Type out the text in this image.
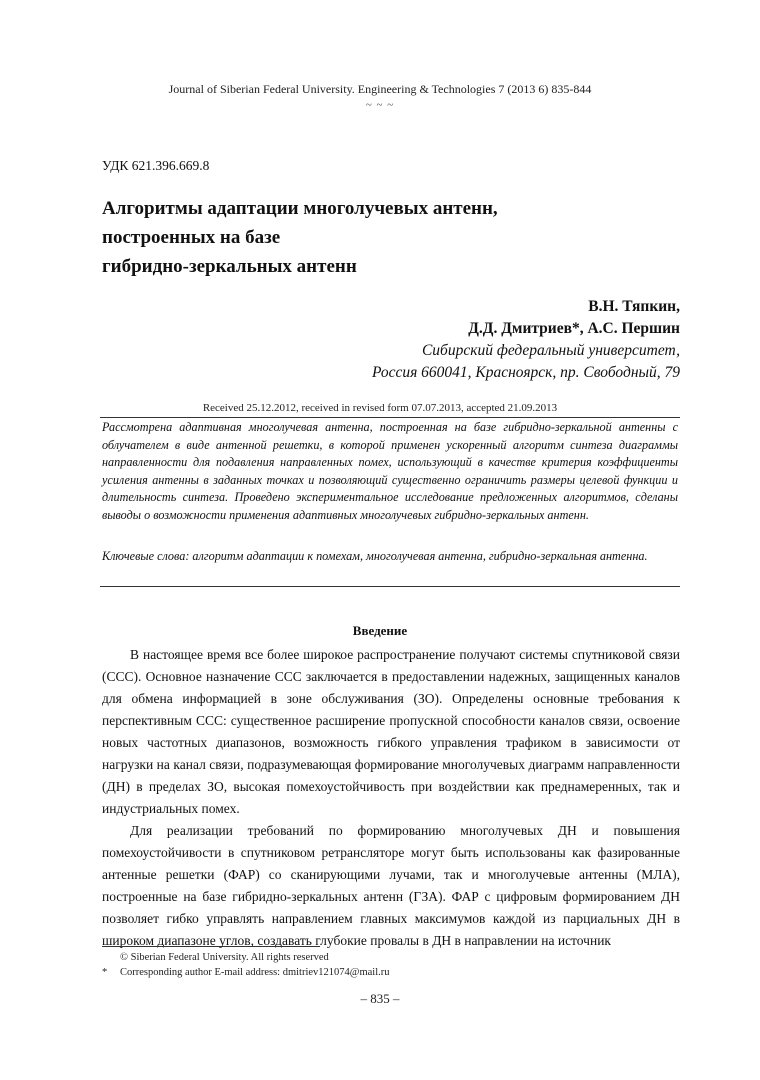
Journal of Siberian Federal University. Engineering & Technologies 7 (2013 6) 835-844
~ ~ ~
УДК 621.396.669.8
Алгоритмы адаптации многолучевых антенн,
построенных на базе
гибридно-зеркальных антенн
В.Н. Тяпкин,
Д.Д. Дмитриев*, А.С. Першин
Сибирский федеральный университет,
Россия 660041, Красноярск, пр. Свободный, 79
Received 25.12.2012, received in revised form 07.07.2013, accepted 21.09.2013
Рассмотрена адаптивная многолучевая антенна, построенная на базе гибридно-зеркальной антенны с облучателем в виде антенной решетки, в которой применен ускоренный алгоритм синтеза диаграммы направленности для подавления направленных помех, использующий в качестве критерия коэффициенты усиления антенны в заданных точках и позволяющий существенно ограничить размеры целевой функции и длительность синтеза. Проведено экспериментальное исследование предложенных алгоритмов, сделаны выводы о возможности применения адаптивных многолучевых гибридно-зеркальных антенн.
Ключевые слова: алгоритм адаптации к помехам, многолучевая антенна, гибридно-зеркальная антенна.
Введение

В настоящее время все более широкое распространение получают системы спутниковой связи (ССС). Основное назначение ССС заключается в предоставлении надежных, защищенных каналов для обмена информацией в зоне обслуживания (ЗО). Определены основные требования к перспективным ССС: существенное расширение пропускной способности каналов связи, освоение новых частотных диапазонов, возможность гибкого управления трафиком в зависимости от нагрузки на канал связи, подразумевающая формирование многолучевых диаграмм направленности (ДН) в пределах ЗО, высокая помехоустойчивость при воздействии как преднамеренных, так и индустриальных помех.

Для реализации требований по формированию многолучевых ДН и повышения помехоустойчивости в спутниковом ретрансляторе могут быть использованы как фазированные антенные решетки (ФАР) со сканирующими лучами, так и многолучевые антенны (МЛА), построенные на базе гибридно-зеркальных антенн (ГЗА). ФАР с цифровым формированием ДН позволяет гибко управлять направлением главных максимумов каждой из парциальных ДН в широком диапазоне углов, создавать глубокие провалы в ДН в направлении на источник

© Siberian Federal University. All rights reserved
*	Corresponding author E-mail address: dmitriev121074@mail.ru
– 835 –
